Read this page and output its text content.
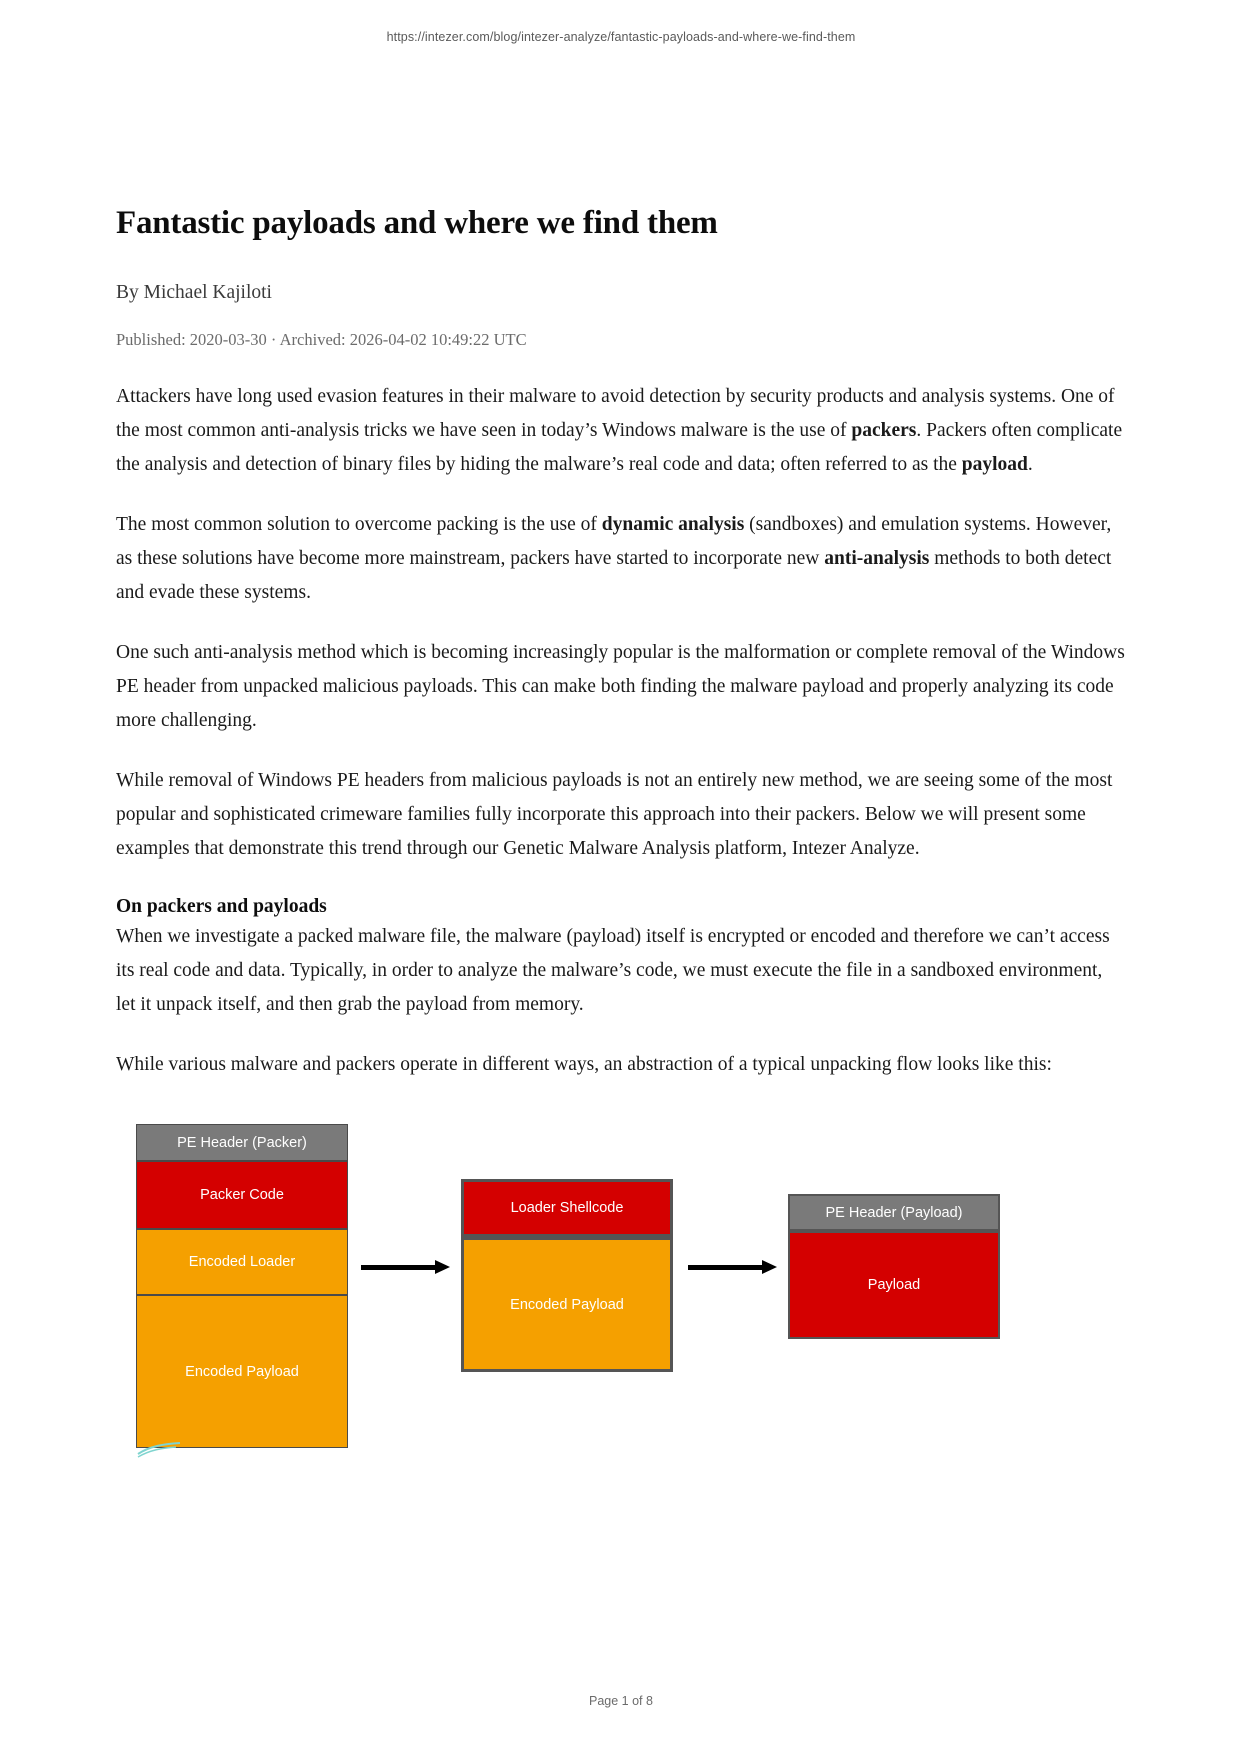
https://intezer.com/blog/intezer-analyze/fantastic-payloads-and-where-we-find-them
Fantastic payloads and where we find them
By Michael Kajiloti
Published: 2020-03-30 · Archived: 2026-04-02 10:49:22 UTC

Attackers have long used evasion features in their malware to avoid detection by security products and analysis systems. One of the most common anti-analysis tricks we have seen in today’s Windows malware is the use of packers. Packers often complicate the analysis and detection of binary files by hiding the malware’s real code and data; often referred to as the payload.

The most common solution to overcome packing is the use of dynamic analysis (sandboxes) and emulation systems. However, as these solutions have become more mainstream, packers have started to incorporate new anti-analysis methods to both detect and evade these systems.

One such anti-analysis method which is becoming increasingly popular is the malformation or complete removal of the Windows PE header from unpacked malicious payloads. This can make both finding the malware payload and properly analyzing its code more challenging.

While removal of Windows PE headers from malicious payloads is not an entirely new method, we are seeing some of the most popular and sophisticated crimeware families fully incorporate this approach into their packers. Below we will present some examples that demonstrate this trend through our Genetic Malware Analysis platform, Intezer Analyze.

On packers and payloads

When we investigate a packed malware file, the malware (payload) itself is encrypted or encoded and therefore we can’t access its real code and data. Typically, in order to analyze the malware’s code, we must execute the file in a sandboxed environment, let it unpack itself, and then grab the payload from memory.

While various malware and packers operate in different ways, an abstraction of a typical unpacking flow looks like this:

PE Header (Packer)
Packer Code
Encoded Loader
Encoded Payload
Loader Shellcode
Encoded Payload
PE Header (Payload)
Payload
Page 1 of 8
